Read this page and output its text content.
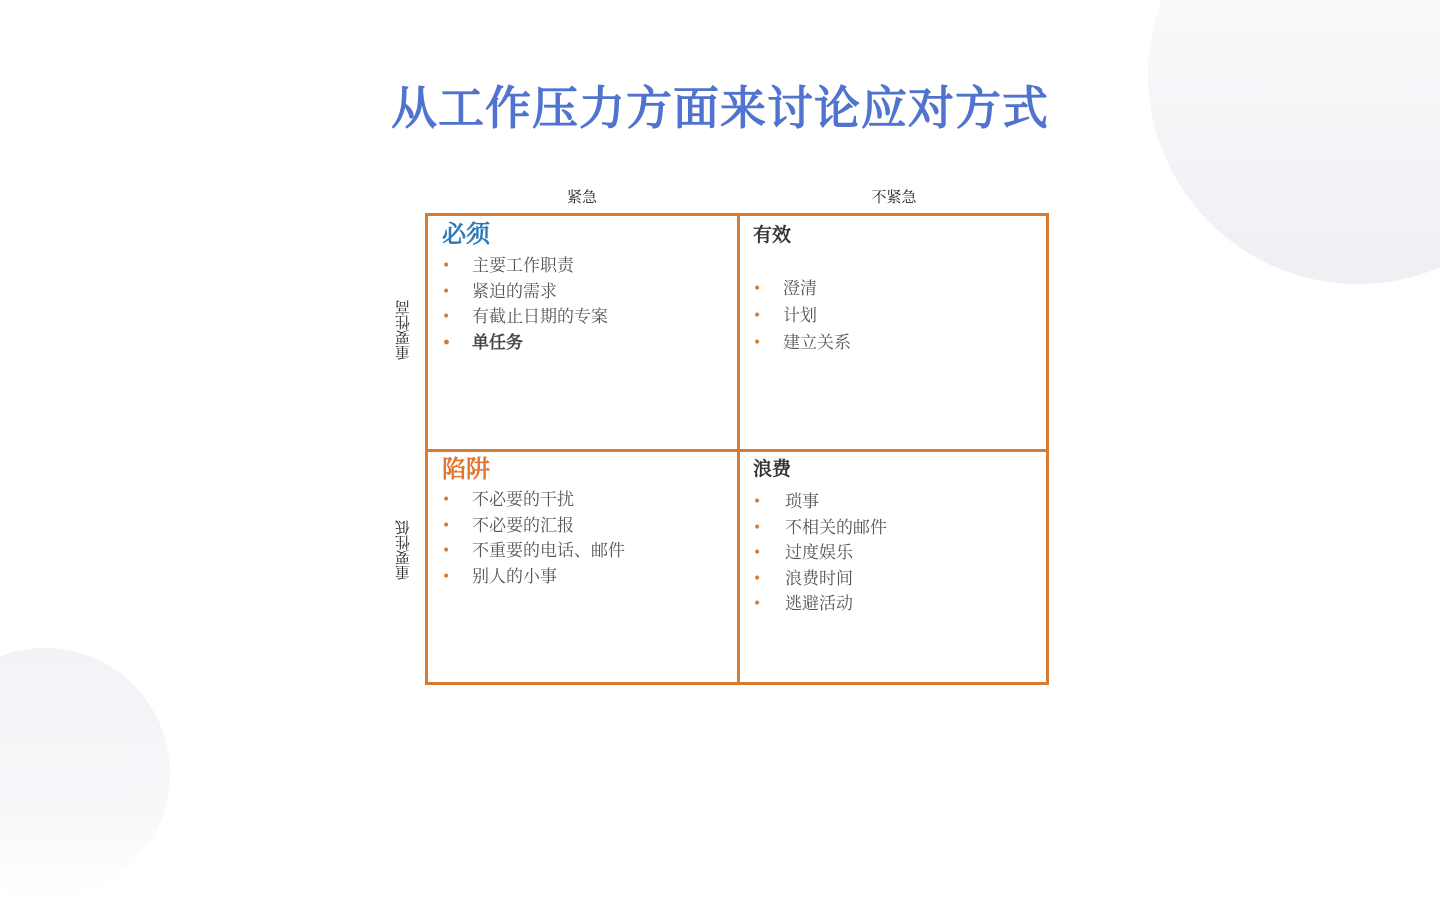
从工作压力方面来讨论应对方式
紧急	不紧急
重要性高
重要性低
必须
• 主要工作职责
• 紧迫的需求
• 有截止日期的专案
• 单任务
有效
• 澄清
• 计划
• 建立关系
陷阱
• 不必要的干扰
• 不必要的汇报
• 不重要的电话、邮件
• 别人的小事
浪费
• 琐事
• 不相关的邮件
• 过度娱乐
• 浪费时间
• 逃避活动
